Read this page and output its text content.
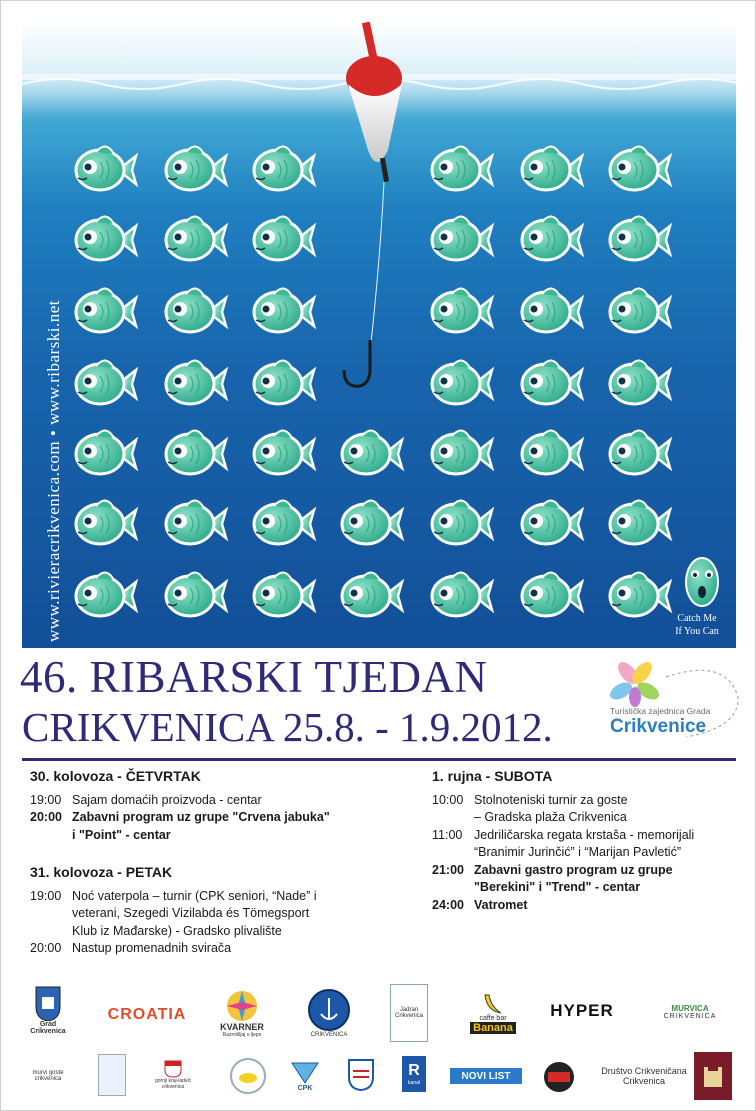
www.rivieracrikvenica.com • www.ribarski.net	Catch Me
If You Can
46. RIBARSKI TJEDAN
CRIKVENICA 25.8. - 1.9.2012.	Turistička zajednica Grada
Crikvenice
30. kolovoza - ČETVRTAK
19:00 Sajam domaćih proizvoda - centar
20:00 Zabavni program uz grupe "Crvena jabuka"
i "Point" - centar
31. kolovoza - PETAK
19:00 Noć vaterpola – turnir (CPK seniori, “Nade” i
veterani, Szegedi Vizilabda és Tömegsport
Klub iz Mađarske) - Gradsko plivalište
20:00 Nastup promenadnih svirača
1. rujna - SUBOTA
10:00 Stolnoteniski turnir za goste
– Gradska plaža Crikvenica
11:00 Jedriličarska regata krstaša - memorijali
“Branimir Jurinčić” i “Marijan Pavletić”
21:00 Zabavni gastro program uz grupe
"Berekini" i "Trend" - centar
24:00 Vatromet
Grad Crikvenica
CROATIA
KVARNER
Razmišljaj o ljepo	CRIKVENICA
Jadran Crikvenica	caffe bar
Banana
HYPER	MURVICA
CRIKVENICA
murvi goste crikvenica	gornji kraj-ladvić crikvenica	CPK
R
kanal
NOVI LIST	Društvo Crikveničana
Crikvenica
